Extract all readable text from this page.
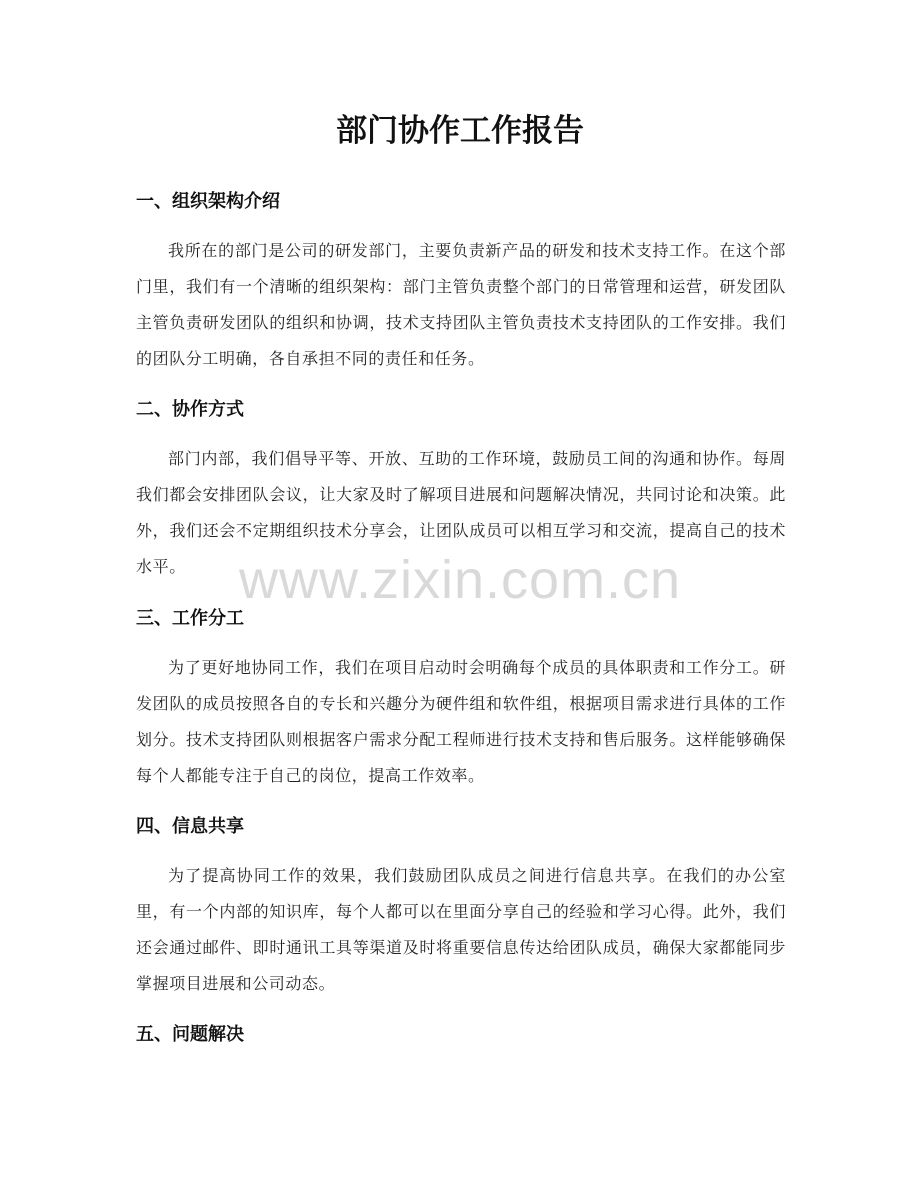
www.zixin.com.cn
部门协作工作报告
一、组织架构介绍

我所在的部门是公司的研发部门，主要负责新产品的研发和技术支持工作。在这个部门里，我们有一个清晰的组织架构：部门主管负责整个部门的日常管理和运营，研发团队主管负责研发团队的组织和协调，技术支持团队主管负责技术支持团队的工作安排。我们的团队分工明确，各自承担不同的责任和任务。

二、协作方式

部门内部，我们倡导平等、开放、互助的工作环境，鼓励员工间的沟通和协作。每周我们都会安排团队会议，让大家及时了解项目进展和问题解决情况，共同讨论和决策。此外，我们还会不定期组织技术分享会，让团队成员可以相互学习和交流，提高自己的技术水平。

三、工作分工

为了更好地协同工作，我们在项目启动时会明确每个成员的具体职责和工作分工。研发团队的成员按照各自的专长和兴趣分为硬件组和软件组，根据项目需求进行具体的工作划分。技术支持团队则根据客户需求分配工程师进行技术支持和售后服务。这样能够确保每个人都能专注于自己的岗位，提高工作效率。

四、信息共享

为了提高协同工作的效果，我们鼓励团队成员之间进行信息共享。在我们的办公室里，有一个内部的知识库，每个人都可以在里面分享自己的经验和学习心得。此外，我们还会通过邮件、即时通讯工具等渠道及时将重要信息传达给团队成员，确保大家都能同步掌握项目进展和公司动态。

五、问题解决
